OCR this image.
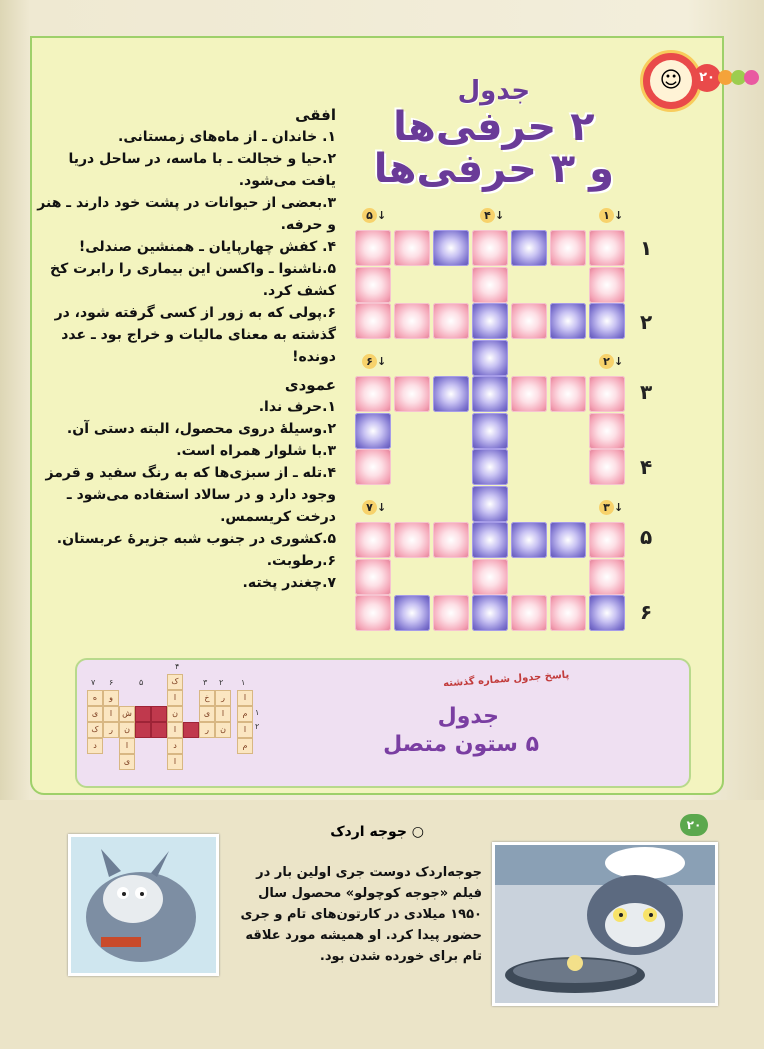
☺	۲۰
جدول
۲ حرفی‌ها
و ۳ حرفی‌ها
افقی

۱. خاندان ـ از ماه‌های زمستانی.

۲.حیا و خجالت ـ با ماسه، در ساحل دریا یافت می‌شود.

۳.بعضی از حیوانات در پشت خود دارند ـ هنر و حرفه.

۴. کفش چهارپایان ـ همنشین صندلی!

۵.ناشنوا ـ واکسن این بیماری را رابرت کخ کشف کرد.

۶.پولی که به زور از کسی گرفته شود، در گذشته به معنای مالیات و خراج بود ـ عدد دونده!

عمودی

۱.حرف ندا.

۲.وسیلهٔ دروی محصول، البته دستی آن.

۳.با شلوار همراه است.

۴.تله ـ از سبزی‌ها که به رنگ سفید و قرمز وجود دارد و در سالاد استفاده می‌شود ـ درخت کریسمس.

۵.کشوری در جنوب شبه جزیرهٔ عربستان.

۶.رطوبت.

۷.چغندر پخته.

۱
۲
۳
۴
۵
۶
۱ ↓
۴ ↓
۵ ↓
۲ ↓
۶ ↓
۳ ↓
۷ ↓
پاسخ جدول شماره گذشته
جدول
۵ ستون متصل
ه
ی
ک
د
و
ا
ر
ش
ن
ا
ی
ک
ا
ن
ا
د
ا
خ
ی
ر
ر
ا
ن
ا
م
ا
م
۱
۲
۳
۴
۵
۶
۷
۱
۲
۲۰
○ جوجه اردک
جوجه‌اردک دوست جری اولین بار در فیلم «جوجه کوچولو» محصول سال ۱۹۵۰ میلادی در کارتون‌های تام و جری حضور پیدا کرد. او همیشه مورد علاقه تام برای خورده شدن بود.
